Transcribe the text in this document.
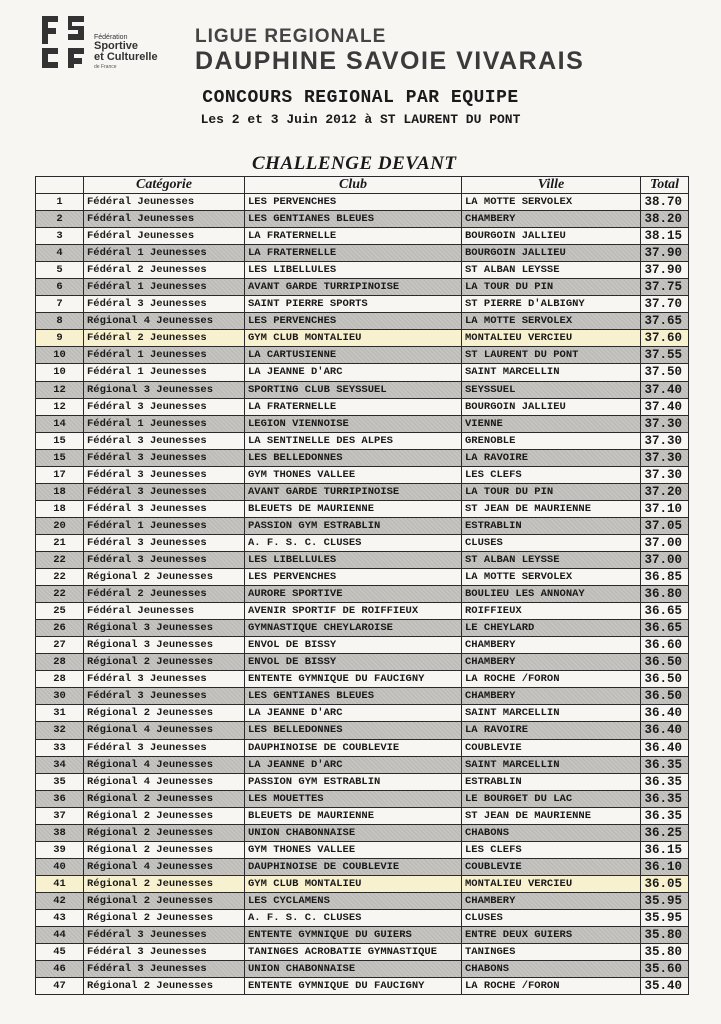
Fédération
Sportive
et Culturelle
de France
LIGUE REGIONALE
DAUPHINE SAVOIE VIVARAIS
CONCOURS REGIONAL PAR EQUIPE
Les 2 et 3 Juin 2012 à ST LAURENT DU PONT
CHALLENGE DEVANT
	Catégorie	Club	Ville	Total
1	Fédéral Jeunesses	LES PERVENCHES	LA MOTTE SERVOLEX	38.70
2	Fédéral Jeunesses	LES GENTIANES BLEUES	CHAMBERY	38.20
3	Fédéral Jeunesses	LA FRATERNELLE	BOURGOIN JALLIEU	38.15
4	Fédéral 1 Jeunesses	LA FRATERNELLE	BOURGOIN JALLIEU	37.90
5	Fédéral 2 Jeunesses	LES LIBELLULES	ST ALBAN LEYSSE	37.90
6	Fédéral 1 Jeunesses	AVANT GARDE TURRIPINOISE	LA TOUR DU PIN	37.75
7	Fédéral 3 Jeunesses	SAINT PIERRE SPORTS	ST PIERRE D'ALBIGNY	37.70
8	Régional 4 Jeunesses	LES PERVENCHES	LA MOTTE SERVOLEX	37.65
9	Fédéral 2 Jeunesses	GYM CLUB MONTALIEU	MONTALIEU VERCIEU	37.60
10	Fédéral 1 Jeunesses	LA CARTUSIENNE	ST LAURENT DU PONT	37.55
10	Fédéral 1 Jeunesses	LA JEANNE D'ARC	SAINT MARCELLIN	37.50
12	Régional 3 Jeunesses	SPORTING CLUB SEYSSUEL	SEYSSUEL	37.40
12	Fédéral 3 Jeunesses	LA FRATERNELLE	BOURGOIN JALLIEU	37.40
14	Fédéral 1 Jeunesses	LEGION VIENNOISE	VIENNE	37.30
15	Fédéral 3 Jeunesses	LA SENTINELLE DES ALPES	GRENOBLE	37.30
15	Fédéral 3 Jeunesses	LES BELLEDONNES	LA RAVOIRE	37.30
17	Fédéral 3 Jeunesses	GYM THONES VALLEE	LES CLEFS	37.30
18	Fédéral 3 Jeunesses	AVANT GARDE TURRIPINOISE	LA TOUR DU PIN	37.20
18	Fédéral 3 Jeunesses	BLEUETS DE MAURIENNE	ST JEAN DE MAURIENNE	37.10
20	Fédéral 1 Jeunesses	PASSION GYM ESTRABLIN	ESTRABLIN	37.05
21	Fédéral 3 Jeunesses	A. F. S. C. CLUSES	CLUSES	37.00
22	Fédéral 3 Jeunesses	LES LIBELLULES	ST ALBAN LEYSSE	37.00
22	Régional 2 Jeunesses	LES PERVENCHES	LA MOTTE SERVOLEX	36.85
22	Fédéral 2 Jeunesses	AURORE SPORTIVE	BOULIEU LES ANNONAY	36.80
25	Fédéral Jeunesses	AVENIR SPORTIF DE ROIFFIEUX	ROIFFIEUX	36.65
26	Régional 3 Jeunesses	GYMNASTIQUE CHEYLAROISE	LE CHEYLARD	36.65
27	Régional 3 Jeunesses	ENVOL DE BISSY	CHAMBERY	36.60
28	Régional 2 Jeunesses	ENVOL DE BISSY	CHAMBERY	36.50
28	Fédéral 3 Jeunesses	ENTENTE GYMNIQUE DU FAUCIGNY	LA ROCHE /FORON	36.50
30	Fédéral 3 Jeunesses	LES GENTIANES BLEUES	CHAMBERY	36.50
31	Régional 2 Jeunesses	LA JEANNE D'ARC	SAINT MARCELLIN	36.40
32	Régional 4 Jeunesses	LES BELLEDONNES	LA RAVOIRE	36.40
33	Fédéral 3 Jeunesses	DAUPHINOISE DE COUBLEVIE	COUBLEVIE	36.40
34	Régional 4 Jeunesses	LA JEANNE D'ARC	SAINT MARCELLIN	36.35
35	Régional 4 Jeunesses	PASSION GYM ESTRABLIN	ESTRABLIN	36.35
36	Régional 2 Jeunesses	LES MOUETTES	LE BOURGET DU LAC	36.35
37	Régional 2 Jeunesses	BLEUETS DE MAURIENNE	ST JEAN DE MAURIENNE	36.35
38	Régional 2 Jeunesses	UNION CHABONNAISE	CHABONS	36.25
39	Régional 2 Jeunesses	GYM THONES VALLEE	LES CLEFS	36.15
40	Régional 4 Jeunesses	DAUPHINOISE DE COUBLEVIE	COUBLEVIE	36.10
41	Régional 2 Jeunesses	GYM CLUB MONTALIEU	MONTALIEU VERCIEU	36.05
42	Régional 2 Jeunesses	LES CYCLAMENS	CHAMBERY	35.95
43	Régional 2 Jeunesses	A. F. S. C. CLUSES	CLUSES	35.95
44	Fédéral 3 Jeunesses	ENTENTE GYMNIQUE DU GUIERS	ENTRE DEUX GUIERS	35.80
45	Fédéral 3 Jeunesses	TANINGES ACROBATIE GYMNASTIQUE	TANINGES	35.80
46	Fédéral 3 Jeunesses	UNION CHABONNAISE	CHABONS	35.60
47	Régional 2 Jeunesses	ENTENTE GYMNIQUE DU FAUCIGNY	LA ROCHE /FORON	35.40
